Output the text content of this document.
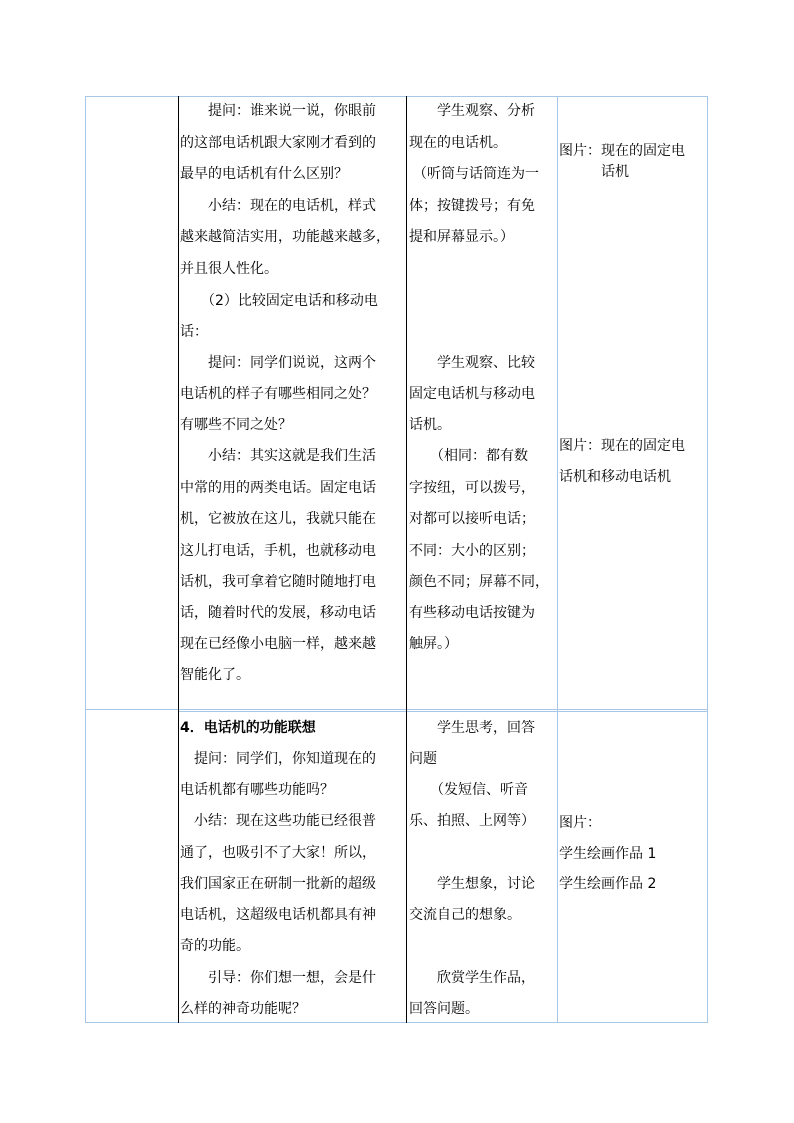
　　提问：谁来说一说，你眼前
的这部电话机跟大家刚才看到的
最早的电话机有什么区别？
　　小结：现在的电话机，样式
越来越简洁实用，功能越来越多，
并且很人性化。
　　（2）比较固定电话和移动电
话：
　　提问：同学们说说，这两个
电话机的样子有哪些相同之处？
有哪些不同之处？
　　小结：其实这就是我们生活
中常的用的两类电话。固定电话
机，它被放在这儿，我就只能在
这儿打电话，手机，也就移动电
话机，我可拿着它随时随地打电
话，随着时代的发展，移动电话
现在已经像小电脑一样，越来越
智能化了。
　　学生观察、分析
现在的电话机。
（听筒与话筒连为一
体；按键拨号；有免
提和屏幕显示。）
　　学生观察、比较
固定电话机与移动电
话机。
　　（相同：都有数
字按纽，可以拨号，
对都可以接听电话；
不同：大小的区别；
颜色不同；屏幕不同，
有些移动电话按键为
触屏。）
图片：现在的固定电
　　　话机
图片：现在的固定电
话机和移动电话机
4．电话机的功能联想
　提问：同学们，你知道现在的
电话机都有哪些功能吗？
　小结：现在这些功能已经很普
通了，也吸引不了大家！所以，
我们国家正在研制一批新的超级
电话机，这超级电话机都具有神
奇的功能。
　　引导：你们想一想，会是什
么样的神奇功能呢？
　　学生思考，回答
问题
　　（发短信、听音
乐、拍照、上网等）
　　学生想象，讨论
交流自己的想象。
　　欣赏学生作品，
回答问题。
图片：
学生绘画作品 1
学生绘画作品 2
